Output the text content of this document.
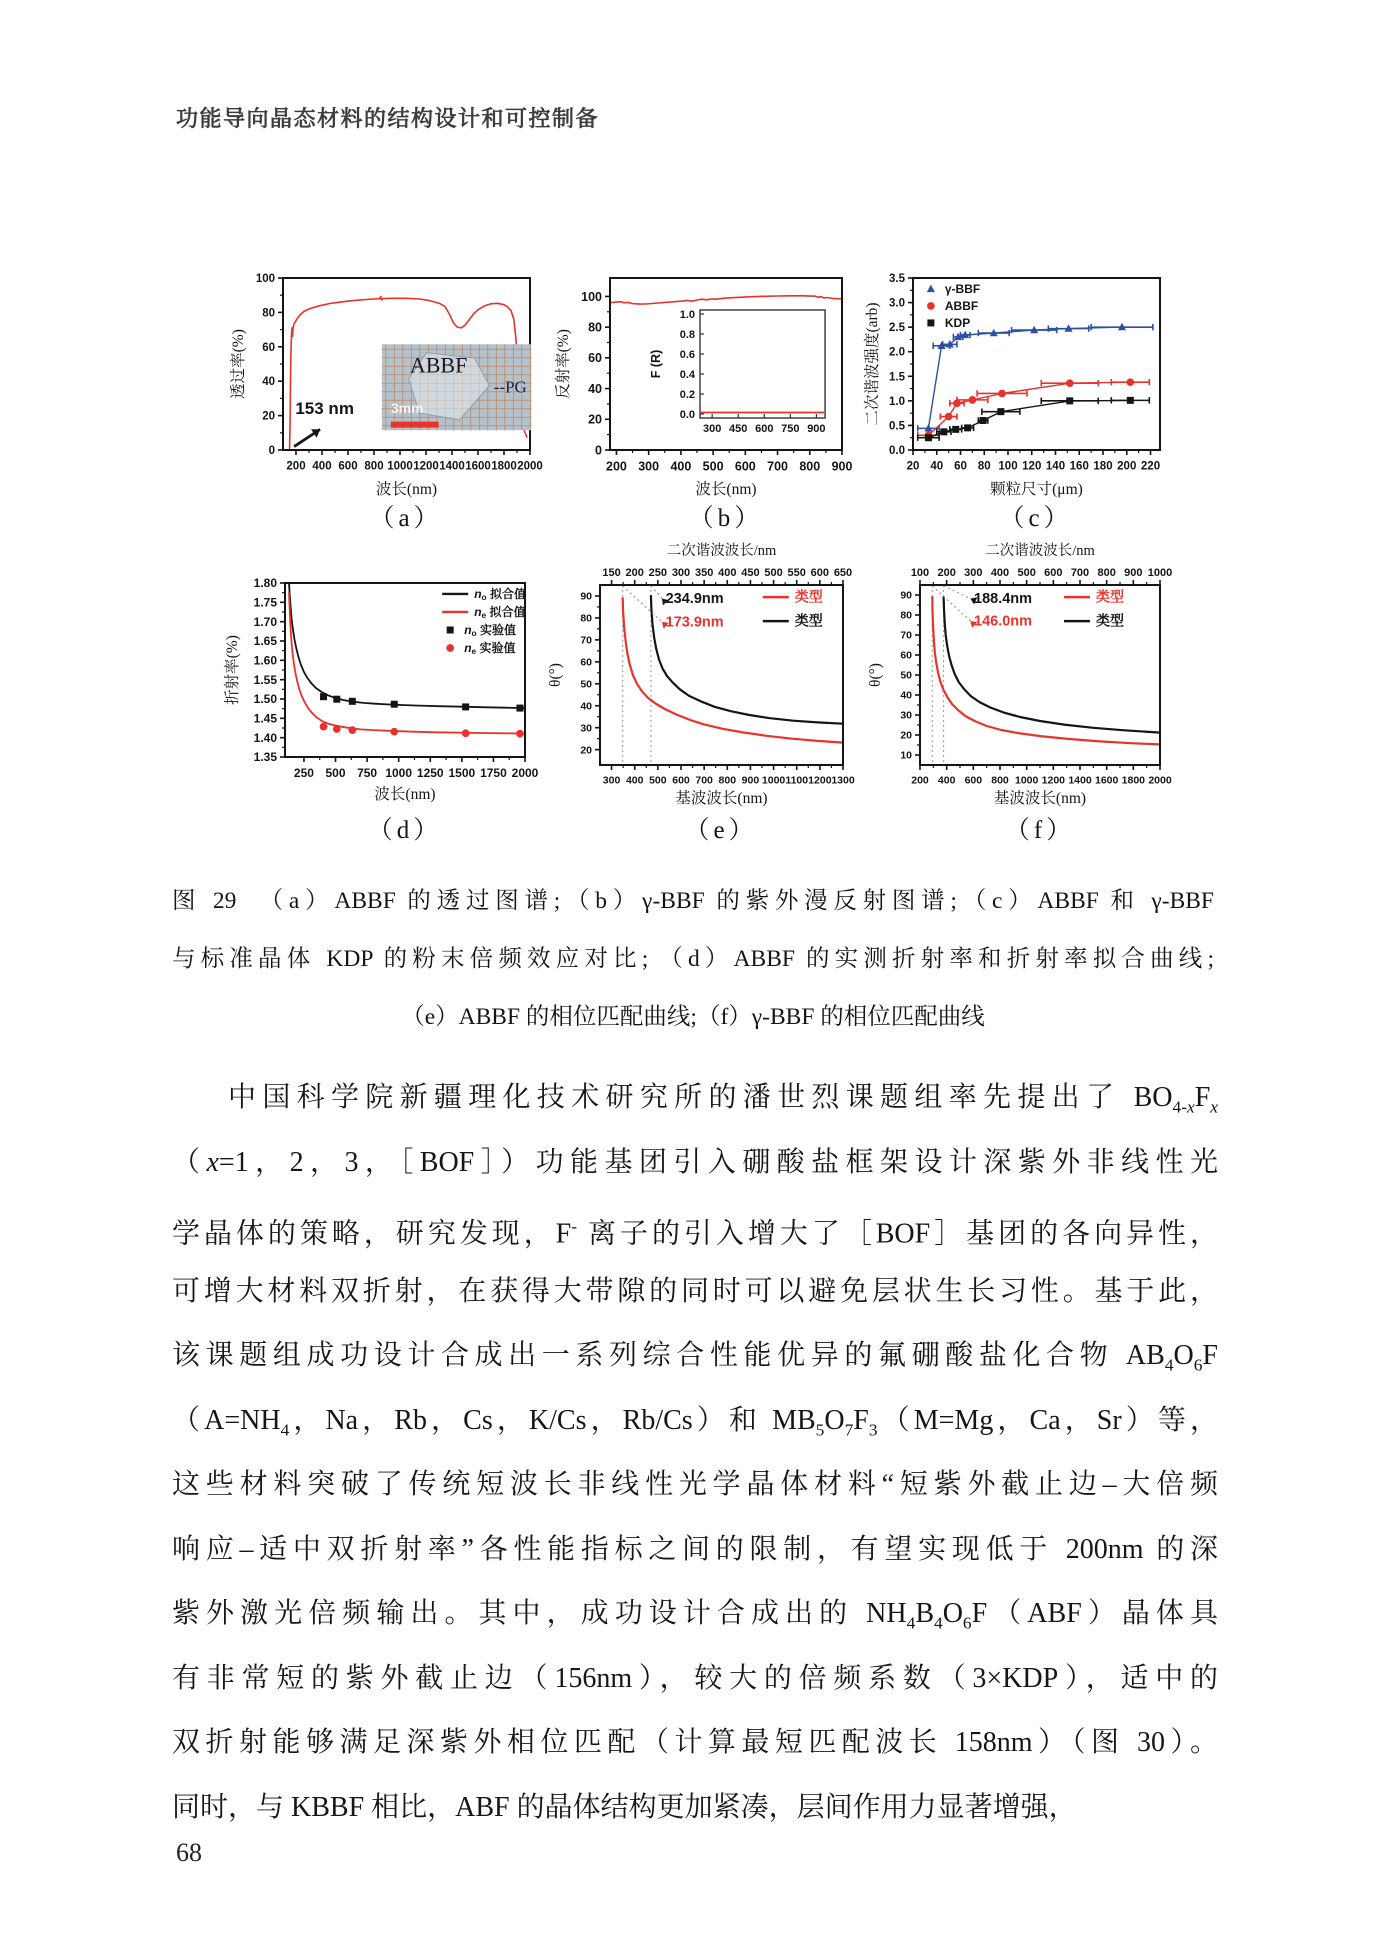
功能导向晶态材料的结构设计和可控制备
200 400 600 800 1000 1200 1400 1600 1800 2000
0
20
40
60
80
100
波长(nm)
透过率(%)
153 nm
ABBF
--PG
3mm
200 300 400 500 600 700 800 900
0
20
40
60
80
100
波长(nm)
反射率(%)
0.0
0.2
0.4
0.6
0.8
1.0
300 450 600 750 900
F (R)
20 40 60 80 100 120 140 160 180 200 220
0.0
0.5
1.0
1.5
2.0
2.5
3.0
3.5
颗粒尺寸(μm)
二次谐波强度(arb)
γ-BBF
ABBF
KDP
250 500 750 1000 1250 1500 1750 2000
1.35
1.40
1.45
1.50
1.55
1.60
1.65
1.70
1.75
1.80
波长(nm)
折射率(%)
no 拟合值
ne 拟合值
no 实验值
ne 实验值
300 400 500 600 700 800 900 1000 1100 1200 1300
20
30
40
50
60
70
80
90
150 200 250 300 350 400 450 500 550 600 650
二次谐波波长/nm
基波波长(nm)
θ(°)
类型
类型
234.9nm
173.9nm
200 400 600 800 1000 1200 1400 1600 1800 2000
10
20
30
40
50
60
70
80
90
100 200 300 400 500 600 700 800 900 1000
二次谐波波长/nm
基波波长(nm)
θ(°)
类型
类型
188.4nm
146.0nm
（a）	（b）	（c）
（d）	（e）	（f）
图 29　（a）ABBF 的透过图谱;（b）γ-BBF 的紫外漫反射图谱;（c）ABBF 和 γ-BBF
与标准晶体 KDP 的粉末倍频效应对比; （d）ABBF 的实测折射率和折射率拟合曲线;
（e）ABBF 的相位匹配曲线;（f）γ-BBF 的相位匹配曲线
中国科学院新疆理化技术研究所的潘世烈课题组率先提出了 $BO_{4-x}F_x$
（x=1，2，3，［BOF］）功能基团引入硼酸盐框架设计深紫外非线性光
学晶体的策略，研究发现，F- 离子的引入增大了［BOF］基团的各向异性，
可增大材料双折射，在获得大带隙的同时可以避免层状生长习性。基于此，
该课题组成功设计合成出一系列综合性能优异的氟硼酸盐化合物 $AB_4O_6F$
（$A=NH_4$，Na，Rb，Cs，K/Cs，Rb/Cs）和 $MB_5O_7F_3(M=Mg$，Ca，Sr）等，
这些材料突破了传统短波长非线性光学晶体材料“短紫外截止边–大倍频
响应–适中双折射率”各性能指标之间的限制，有望实现低于 200nm 的深
紫外激光倍频输出。其中，成功设计合成出的 $NH_4B_4O_6F(ABF)$晶体具
有非常短的紫外截止边（156nm），较大的倍频系数（3×KDP），适中的
双折射能够满足深紫外相位匹配（计算最短匹配波长 158nm）（图 30）。
同时，与 KBBF 相比，ABF 的晶体结构更加紧凑，层间作用力显著增强，
68
